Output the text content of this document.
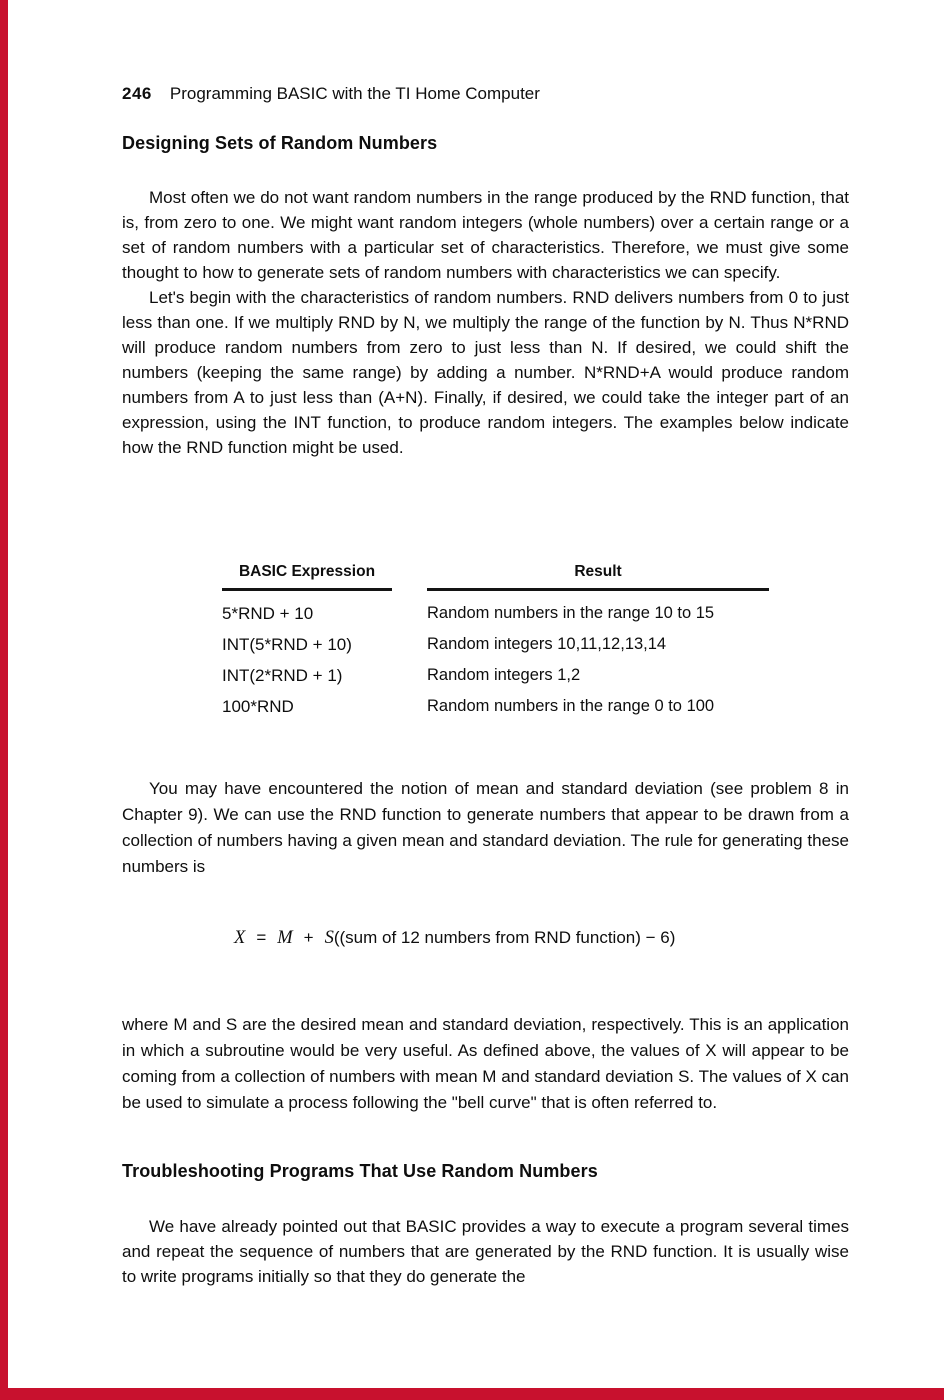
246 Programming BASIC with the TI Home Computer
Designing Sets of Random Numbers

Most often we do not want random numbers in the range produced by the RND function, that is, from zero to one. We might want random integers (whole numbers) over a certain range or a set of random numbers with a particular set of characteristics. Therefore, we must give some thought to how to generate sets of random numbers with characteristics we can specify.

Let's begin with the characteristics of random numbers. RND delivers numbers from 0 to just less than one. If we multiply RND by N, we multiply the range of the function by N. Thus N*RND will produce random numbers from zero to just less than N. If desired, we could shift the numbers (keeping the same range) by adding a number. N*RND+A would produce random numbers from A to just less than (A+N). Finally, if desired, we could take the integer part of an expression, using the INT function, to produce random integers. The examples below indicate how the RND function might be used.

BASIC Expression
5*RND + 10
INT(5*RND + 10)
INT(2*RND + 1)
100*RND
Result
Random numbers in the range 10 to 15
Random integers 10,11,12,13,14
Random integers 1,2
Random numbers in the range 0 to 100

You may have encountered the notion of mean and standard deviation (see problem 8 in Chapter 9). We can use the RND function to generate numbers that appear to be drawn from a collection of numbers having a given mean and standard deviation. The rule for generating these numbers is

X = M + S((sum of 12 numbers from RND function) − 6)

where M and S are the desired mean and standard deviation, respectively. This is an application in which a subroutine would be very useful. As defined above, the values of X will appear to be coming from a collection of numbers with mean M and standard deviation S. The values of X can be used to simulate a process following the "bell curve" that is often referred to.

Troubleshooting Programs That Use Random Numbers

We have already pointed out that BASIC provides a way to execute a program several times and repeat the sequence of numbers that are generated by the RND function. It is usually wise to write programs initially so that they do generate the
